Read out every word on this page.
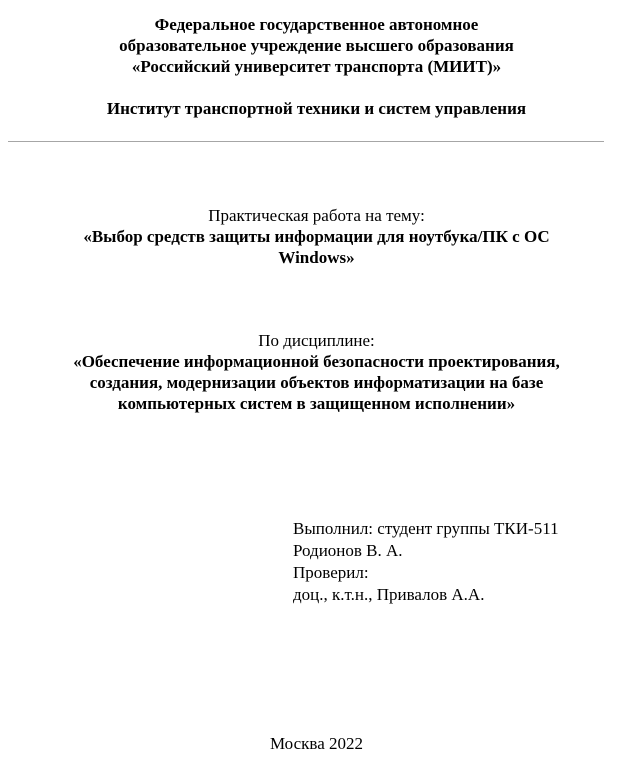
Федеральное государственное автономное
образовательное учреждение высшего образования
«Российский университет транспорта (МИИТ)»
Институт транспортной техники и систем управления
Практическая работа на тему:
«Выбор средств защиты информации для ноутбука/ПК с ОС
Windows»
По дисциплине:
«Обеспечение информационной безопасности проектирования,
создания, модернизации объектов информатизации на базе
компьютерных систем в защищенном исполнении»
Выполнил: студент группы ТКИ-511
Родионов В. А.
Проверил:
доц., к.т.н., Привалов А.А.
Москва 2022
